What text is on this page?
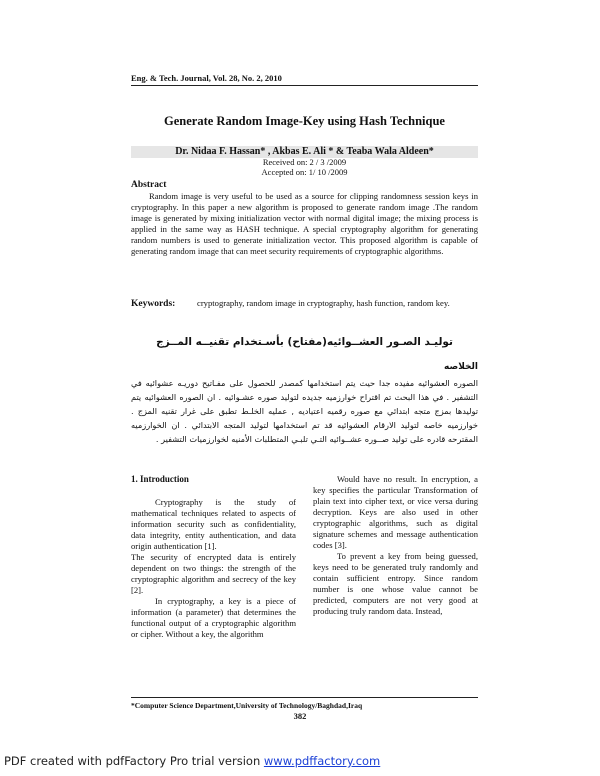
Eng. & Tech. Journal, Vol. 28, No. 2, 2010
Generate Random Image-Key using Hash Technique
Dr. Nidaa F. Hassan* , Akbas E. Ali * & Teaba Wala Aldeen*
Received on: 2 / 3 /2009
Accepted on: 1/ 10 /2009
Abstract

Random image is very useful to be used as a source for clipping randomness session keys in cryptography. In this paper a new algorithm is proposed to generate random image .The random image is generated by mixing initialization vector with normal digital image; the mixing process is applied in the same way as HASH technique. A special cryptography algorithm for generating random numbers is used to generate initialization vector. This proposed algorithm is capable of generating random image that can meet security requirements of cryptographic algorithms.

Keywords:	cryptography, random image in cryptography, hash function, random key.
توليـد الصـور العشــوائيه(مفتاح) بأسـتخدام تقنيــه المــزج
الخلاصه

الصوره العشوائيه مفيده جدا حيث يتم استخدامها كمصدر للحصول على مفـاتيح دوريـه عشوائيه في التشفير . في هذا البحث تم اقتراح خوارزميه جديده لتوليد صوره عشـوائيه . ان الصوره العشوائيه يتم توليدها بمزج متجه ابتدائي مع صوره رقميه اعتياديه , عمليه الخلـط تطبق على غرار تقنيه المزج . خوارزميه خاصه لتوليد الارقام العشوائيه قد تم استخدامها لتوليد المتجه الابتدائي . ان الخوارزميه المقترحه قادره على توليد صــوره عشــوائيه التـي تلبـي المتطلبات الأمنيه لخوارزميات التشفير .

1. Introduction

Cryptography is the study of mathematical techniques related to aspects of information security such as confidentiality, data integrity, entity authentication, and data origin authentication [1].

The security of encrypted data is entirely dependent on two things: the strength of the cryptographic algorithm and secrecy of the key [2].

In cryptography, a key is a piece of information (a parameter) that determines the functional output of a cryptographic algorithm or cipher. Without a key, the algorithm

Would have no result. In encryption, a key specifies the particular Transformation of plain text into cipher text, or vice versa during decryption. Keys are also used in other cryptographic algorithms, such as digital signature schemes and message authentication codes [3].

To prevent a key from being guessed, keys need to be generated truly randomly and contain sufficient entropy. Since random number is one whose value cannot be predicted, computers are not very good at producing truly random data. Instead,

*Computer Science Department,University of Technology/Baghdad,Iraq
382
PDF created with pdfFactory Pro trial version www.pdffactory.com
